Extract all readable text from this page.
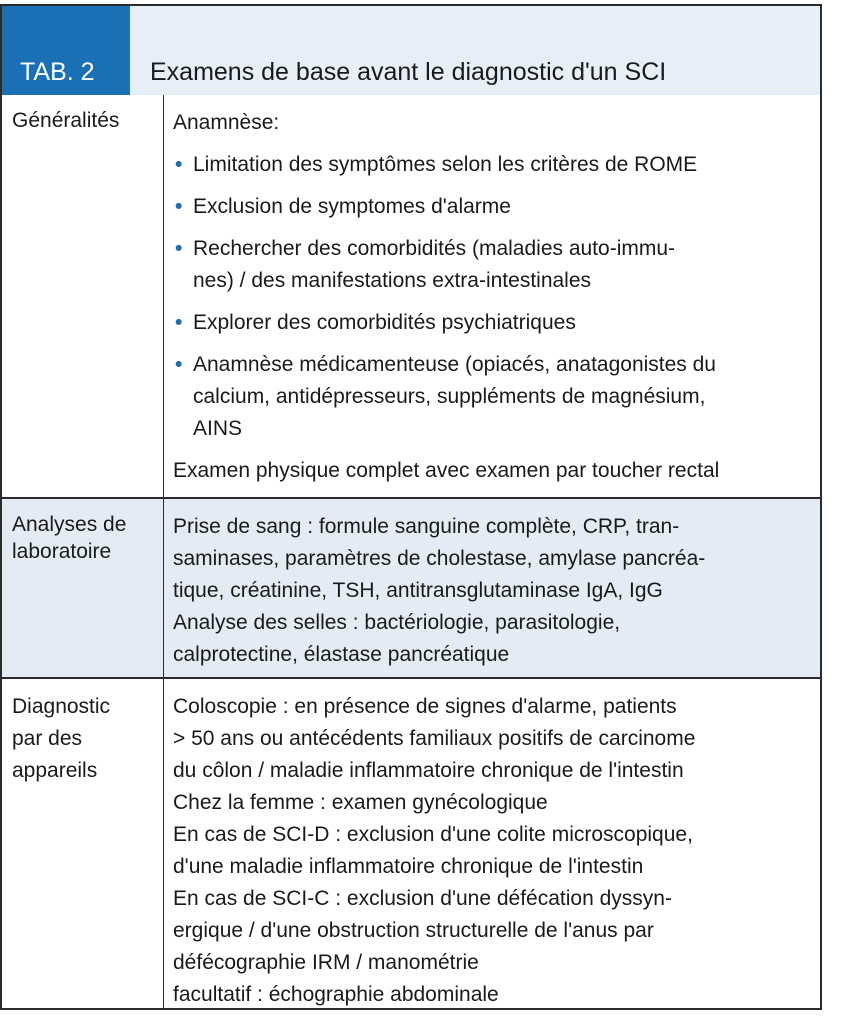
TAB. 2	Examens de base avant le diagnostic d'un SCI
Généralités	Anamnèse:
• Limitation des symptômes selon les critères de ROME
• Exclusion de symptomes d'alarme
• Rechercher des comorbidités (maladies auto-immu-
nes) / des manifestations extra-intestinales
• Explorer des comorbidités psychiatriques
• Anamnèse médicamenteuse (opiacés, anatagonistes du
calcium, antidépresseurs, suppléments de magnésium,
AINS
Examen physique complet avec examen par toucher rectal
Analyses de
laboratoire
Prise de sang : formule sanguine complète, CRP, tran-
saminases, paramètres de cholestase, amylase pancréa-
tique, créatinine, TSH, antitransglutaminase IgA, IgG
Analyse des selles : bactériologie, parasitologie,
calprotectine, élastase pancréatique
Diagnostic
par des
appareils
Coloscopie : en présence de signes d'alarme, patients
> 50 ans ou antécédents familiaux positifs de carcinome
du côlon / maladie inflammatoire chronique de l'intestin
Chez la femme : examen gynécologique
En cas de SCI-D : exclusion d'une colite microscopique,
d'une maladie inflammatoire chronique de l'intestin
En cas de SCI-C : exclusion d'une défécation dyssyn-
ergique / d'une obstruction structurelle de l'anus par
défécographie IRM / manométrie
facultatif : échographie abdominale
